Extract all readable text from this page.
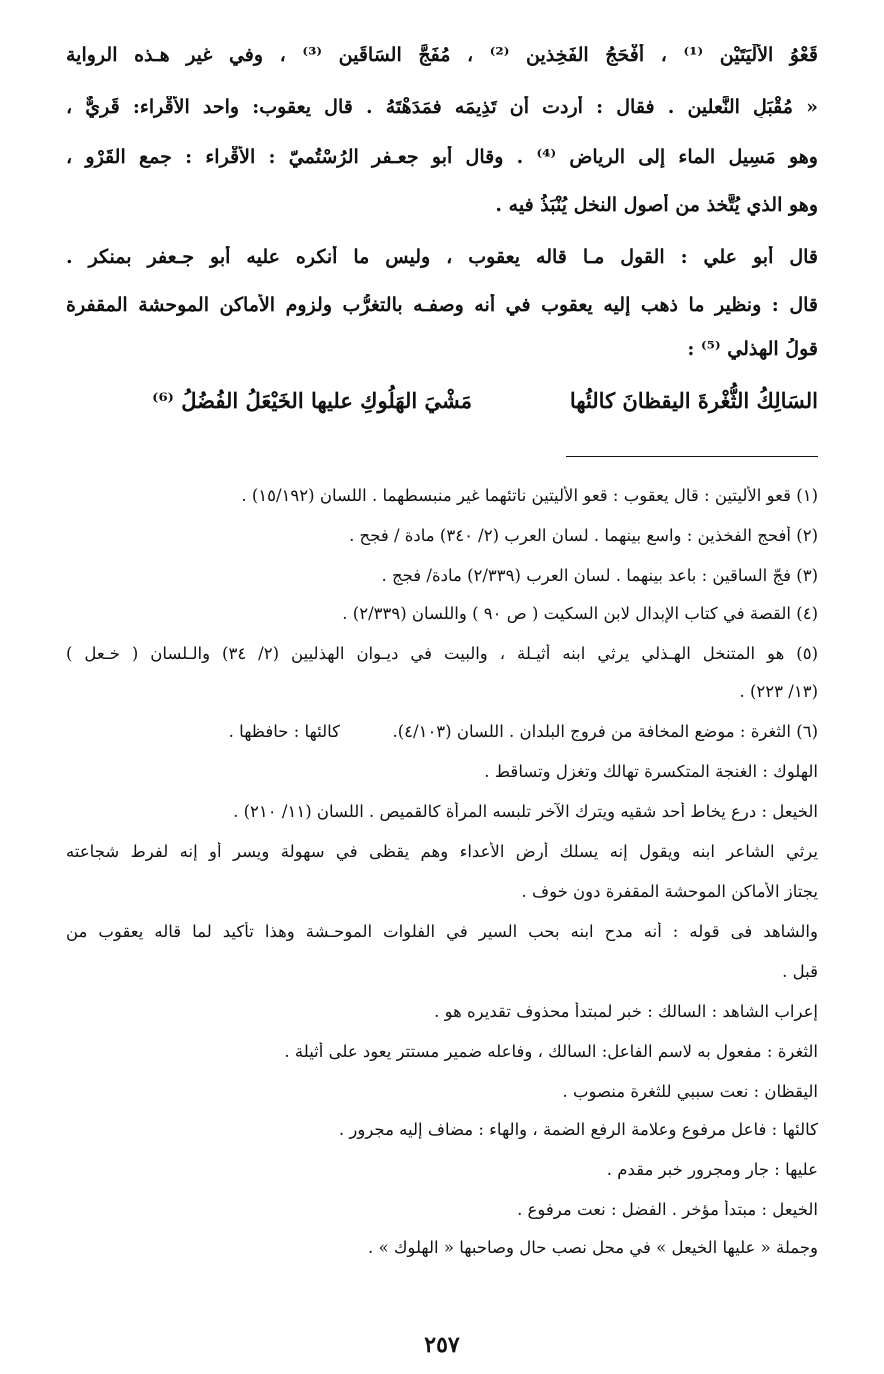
قَعْوُ الأَلْيَتَيْنِ ⁽¹⁾ ، أَفْحَجُ الفَخِذينِ ⁽²⁾ ، مُفَجَّ السَاقَينِ ⁽³⁾ ، وفي غير هـذه الرواية
« مُقْبَلِ النَّعلين . فقال : أردت أن تَذِيمَه فمَدَهْتَهُ . قال يعقوب: واحد الأَقْراء: قَرِيٌّ ،
وهو مَسِيل الماء إلى الرياض ⁽⁴⁾ . وقال أبو جعـفر الرُسْتُميّ : الأَقْراء : جمع القَرْوِ ،
وهو الذي يُتَّخذ من أصول النخل يُنْبَذُ فيه .
قال أبو علي : القول مـا قاله يعقوب ، وليس ما أنكره عليه أبو جـعفر بمنكر .
قال : ونظير ما ذهب إليه يعقوب في أنه وصفـه بالتغرُّب ولزوم الأماكن الموحشة المقفرة
قولُ الهذلي ⁽⁵⁾ :
السَالِكُ الثُّغْرةَ اليقظانَ كالئُها
مَشْيَ الهَلُوكِ عليها الخَيْعَلُ الفُضُلُ ⁽⁶⁾
(١) قعو الأليتين : قال يعقوب : قعو الأليتين ناتئهما غير منبسطهما . اللسان (١٥/١٩٢) .
(٢) أفحج الفخذين : واسع بينهما . لسان العرب (٢/ ٣٤٠) مادة / فجح .
(٣) فجّ الساقين : باعد بينهما . لسان العرب (٢/٣٣٩) مادة/ فجج .
(٤) القصة في كتاب الإبدال لابن السكيت ( ص ٩٠ ) واللسان (٢/٣٣٩) .
(٥) هو المتنخل الهـذلي يرثي ابنه أثيـلة ، والبيت في ديـوان الهذليين (٢/ ٣٤) والـلسان ( خـعل )
(١٣/ ٢٢٣) .
(٦) الثغرة : موضع المخافة من فروج البلدان . اللسان (٤/١٠٣).          كالئها : حافظها .
الهلوك : الغنجة المتكسرة تهالك وتغزل وتساقط .
الخيعل : درع يخاط أحد شقيه ويترك الآخر تلبسه المرأة كالقميص . اللسان (١١/ ٢١٠) .
يرثي الشاعر ابنه ويقول إنه يسلك أرض الأعداء وهم يقظى في سهولة ويسر أو إنه لفرط شجاعته
يجتاز الأماكن الموحشة المقفرة دون خوف .
والشاهد فى قوله : أنه مدح ابنه بحب السير في الفلوات الموحـشة وهذا تأكيد لما قاله يعقوب من
قبل .
إعراب الشاهد : السالك : خبر لمبتدأ محذوف تقديره هو .
الثغرة : مفعول به لاسم الفاعل: السالك ، وفاعله ضمير مستتر يعود على أثيلة .
اليقظان : نعت سببي للثغرة منصوب .
كالئها : فاعل مرفوع وعلامة الرفع الضمة ، والهاء : مضاف إليه مجرور .
عليها : جار ومجرور خبر مقدم .
الخيعل : مبتدأ مؤخر . الفضل : نعت مرفوع .
وجملة « عليها الخيعل » في محل نصب حال وصاحبها « الهلوك » .
٢٥٧
